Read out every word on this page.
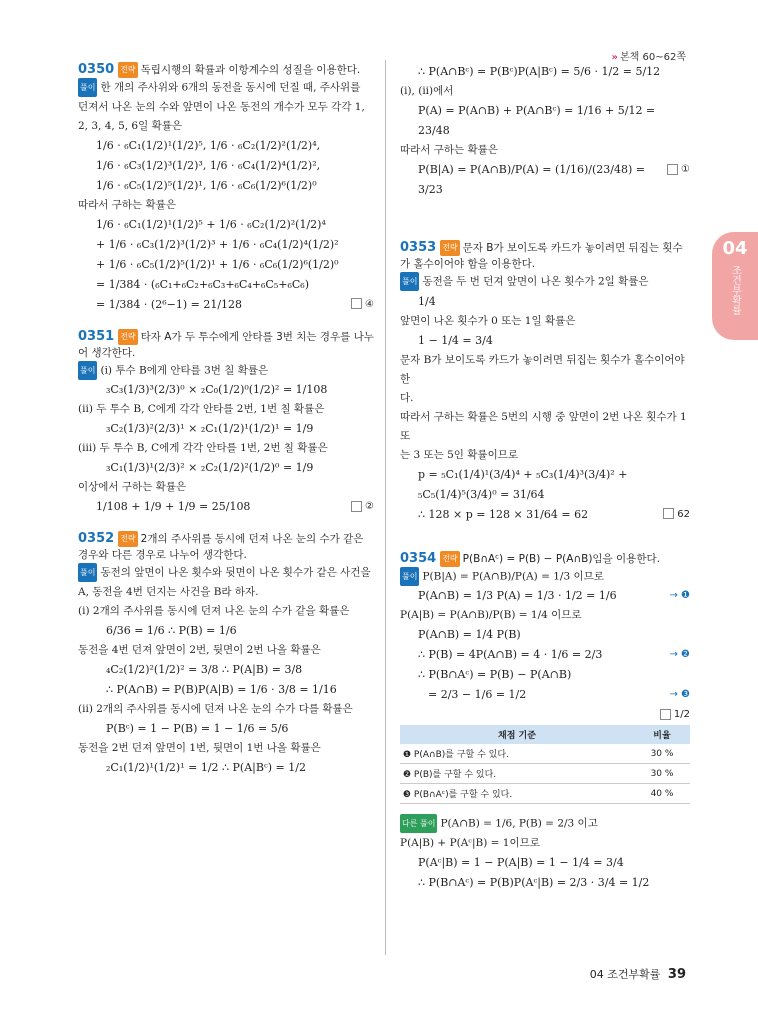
» 본책 60~62쪽
04
조건부확률
0350 전략 독립시행의 확률과 이항계수의 성질을 이용한다.
풀이 한 개의 주사위와 6개의 동전을 동시에 던질 때, 주사위를
던져서 나온 눈의 수와 앞면이 나온 동전의 개수가 모두 각각 1,
2, 3, 4, 5, 6일 확률은
1/6 · ₆C₁(1/2)¹(1/2)⁵, 1/6 · ₆C₂(1/2)²(1/2)⁴,
1/6 · ₆C₃(1/2)³(1/2)³, 1/6 · ₆C₄(1/2)⁴(1/2)²,
1/6 · ₆C₅(1/2)⁵(1/2)¹, 1/6 · ₆C₆(1/2)⁶(1/2)⁰
따라서 구하는 확률은
1/6 · ₆C₁(1/2)¹(1/2)⁵ + 1/6 · ₆C₂(1/2)²(1/2)⁴
+ 1/6 · ₆C₃(1/2)³(1/2)³ + 1/6 · ₆C₄(1/2)⁴(1/2)²
+ 1/6 · ₆C₅(1/2)⁵(1/2)¹ + 1/6 · ₆C₆(1/2)⁶(1/2)⁰
= 1/384 · (₆C₁+₆C₂+₆C₃+₆C₄+₆C₅+₆C₆)
④
= 1/384 · (2⁶−1) = 21/128
0351 전략 타자 A가 두 투수에게 안타를 3번 치는 경우를 나누어 생각한다.
풀이 (i) 투수 B에게 안타를 3번 칠 확률은
₃C₃(1/3)³(2/3)⁰ × ₂C₀(1/2)⁰(1/2)² = 1/108
(ii) 두 투수 B, C에게 각각 안타를 2번, 1번 칠 확률은
₃C₂(1/3)²(2/3)¹ × ₂C₁(1/2)¹(1/2)¹ = 1/9
(iii) 두 투수 B, C에게 각각 안타를 1번, 2번 칠 확률은
₃C₁(1/3)¹(2/3)² × ₂C₂(1/2)²(1/2)⁰ = 1/9
이상에서 구하는 확률은
②
1/108 + 1/9 + 1/9 = 25/108
0352 전략 2개의 주사위를 동시에 던져 나온 눈의 수가 같은 경우와 다른 경우로 나누어 생각한다.
풀이 동전의 앞면이 나온 횟수와 뒷면이 나온 횟수가 같은 사건을
A, 동전을 4번 던지는 사건을 B라 하자.
(i) 2개의 주사위를 동시에 던져 나온 눈의 수가 같을 확률은
6/36 = 1/6 ∴ P(B) = 1/6
동전을 4번 던져 앞면이 2번, 뒷면이 2번 나올 확률은
₄C₂(1/2)²(1/2)² = 3/8 ∴ P(A|B) = 3/8
∴ P(A∩B) = P(B)P(A|B) = 1/6 · 3/8 = 1/16
(ii) 2개의 주사위를 동시에 던져 나온 눈의 수가 다를 확률은
P(Bᶜ) = 1 − P(B) = 1 − 1/6 = 5/6
동전을 2번 던져 앞면이 1번, 뒷면이 1번 나올 확률은
₂C₁(1/2)¹(1/2)¹ = 1/2 ∴ P(A|Bᶜ) = 1/2
∴ P(A∩Bᶜ) = P(Bᶜ)P(A|Bᶜ) = 5/6 · 1/2 = 5/12
(i), (ii)에서
P(A) = P(A∩B) + P(A∩Bᶜ) = 1/16 + 5/12 = 23/48
따라서 구하는 확률은
①
P(B|A) = P(A∩B)/P(A) = (1/16)/(23/48) = 3/23
0353 전략 문자 B가 보이도록 카드가 놓이려면 뒤집는 횟수가 홀수이어야 함을 이용한다.
풀이 동전을 두 번 던져 앞면이 나온 횟수가 2일 확률은
1/4
앞면이 나온 횟수가 0 또는 1일 확률은
1 − 1/4 = 3/4
문자 B가 보이도록 카드가 놓이려면 뒤집는 횟수가 홀수이어야 한
다.
따라서 구하는 확률은 5번의 시행 중 앞면이 2번 나온 횟수가 1 또
는 3 또는 5인 확률이므로
p = ₅C₁(1/4)¹(3/4)⁴ + ₅C₃(1/4)³(3/4)² + ₅C₅(1/4)⁵(3/4)⁰ = 31/64
62
∴ 128 × p = 128 × 31/64 = 62
0354 전략 P(B∩Aᶜ) = P(B) − P(A∩B)임을 이용한다.
풀이 P(B|A) = P(A∩B)/P(A) = 1/3 이므로
→ ❶
P(A∩B) = 1/3 P(A) = 1/3 · 1/2 = 1/6
P(A|B) = P(A∩B)/P(B) = 1/4 이므로
P(A∩B) = 1/4 P(B)
→ ❷
∴ P(B) = 4P(A∩B) = 4 · 1/6 = 2/3
∴ P(B∩Aᶜ) = P(B) − P(A∩B)
→ ❸
= 2/3 − 1/6 = 1/2
1/2
채점 기준	비율
❶ P(A∩B)를 구할 수 있다.	30 %
❷ P(B)를 구할 수 있다.	30 %
❸ P(B∩Aᶜ)를 구할 수 있다.	40 %
다른 풀이 P(A∩B) = 1/6, P(B) = 2/3 이고
P(A|B) + P(Aᶜ|B) = 1이므로
P(Aᶜ|B) = 1 − P(A|B) = 1 − 1/4 = 3/4
∴ P(B∩Aᶜ) = P(B)P(Aᶜ|B) = 2/3 · 3/4 = 1/2
04 조건부확률 39
